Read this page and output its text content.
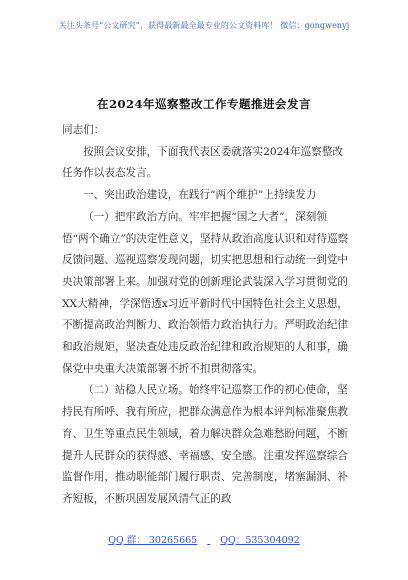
关注头条号“公文研究”，获得最新最全最专业的公文资料库！ 微信：gongwenyj
在2024年巡察整改工作专题推进会发言

同志们：

按照会议安排，下面我代表区委就落实2024年巡察整改任务作以表态发言。

一、突出政治建设，在践行“两个维护”上持续发力

（一）把牢政治方向。牢牢把握“国之大者”，深刻领悟“两个确立”的决定性意义，坚持从政治高度认识和对待巡察反馈问题、巡视巡察发现问题，切实把思想和行动统一到党中央决策部署上来。加强对党的创新理论武装深入学习贯彻党的XX大精神，学深悟透x习近平新时代中国特色社会主义思想，不断提高政治判断力、政治领悟力政治执行力。严明政治纪律和政治规矩，坚决查处违反政治纪律和政治规矩的人和事，确保党中央重大决策部署不折不扣贯彻落实。

（二）站稳人民立场。始终牢记巡察工作的初心使命，坚持民有所呼、我有所应，把群众满意作为根本评判标准聚焦教育、卫生等重点民生领域，着力解决群众急难愁盼问题，不断提升人民群众的获得感、幸福感、安全感。注重发挥巡察综合监督作用，推动职能部门履行职责、完善制度，堵塞漏洞、补齐短板，不断巩固发展风清气正的政

QQ 群： 30265665 QQ：535304092
